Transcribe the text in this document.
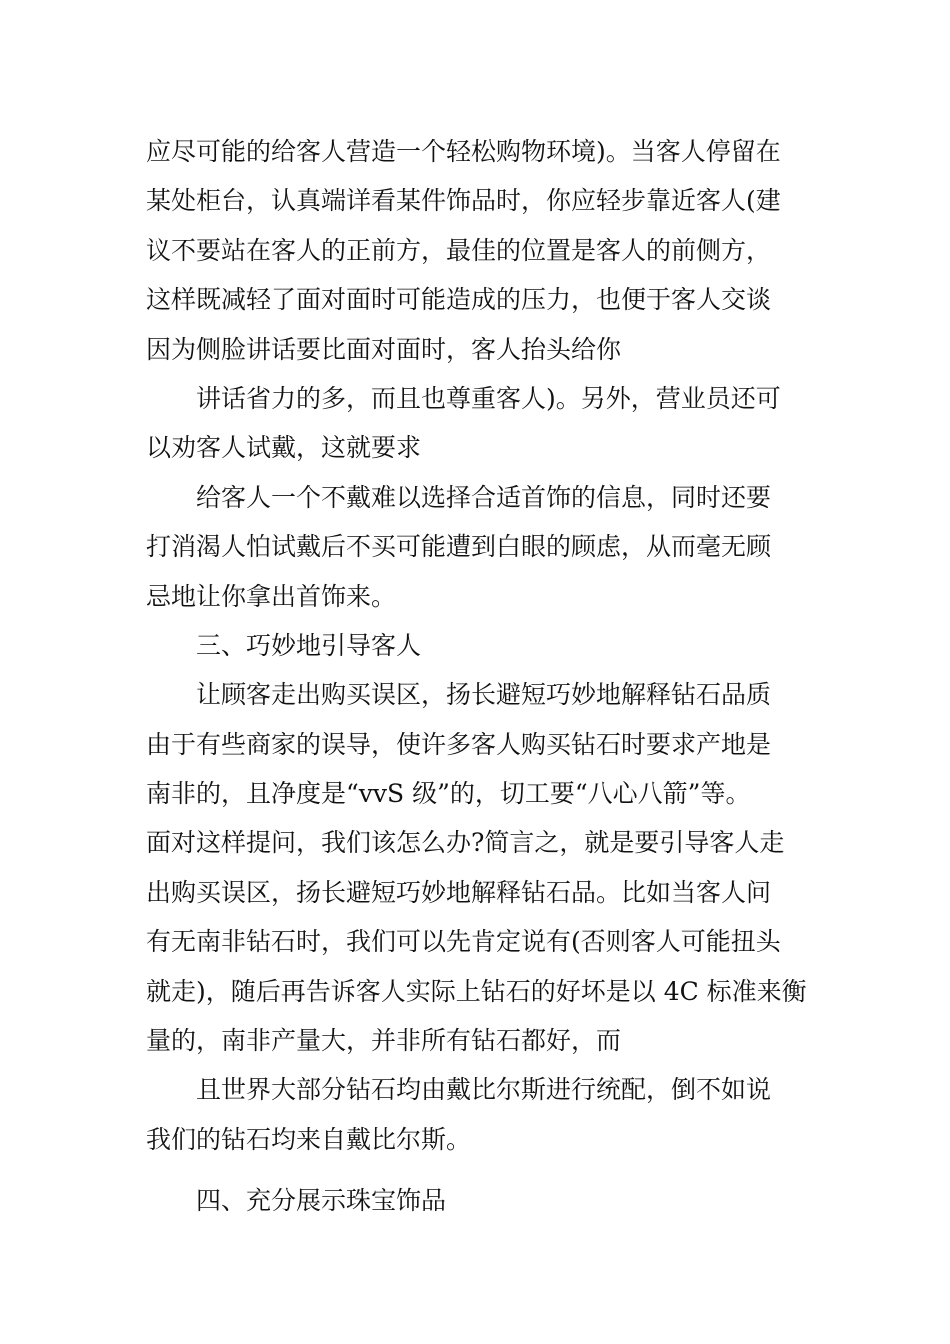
应尽可能的给客人营造一个轻松购物环境)。当客人停留在
某处柜台，认真端详看某件饰品时，你应轻步靠近客人(建
议不要站在客人的正前方，最佳的位置是客人的前侧方，
这样既减轻了面对面时可能造成的压力，也便于客人交谈
因为侧脸讲话要比面对面时，客人抬头给你
讲话省力的多，而且也尊重客人)。另外，营业员还可
以劝客人试戴，这就要求
给客人一个不戴难以选择合适首饰的信息，同时还要
打消渴人怕试戴后不买可能遭到白眼的顾虑，从而毫无顾
忌地让你拿出首饰来。
三、巧妙地引导客人
让顾客走出购买误区，扬长避短巧妙地解释钻石品质
由于有些商家的误导，使许多客人购买钻石时要求产地是
南非的，且净度是“vvS 级”的，切工要“八心八箭”等。
面对这样提问，我们该怎么办?简言之，就是要引导客人走
出购买误区，扬长避短巧妙地解释钻石品。比如当客人问
有无南非钻石时，我们可以先肯定说有(否则客人可能扭头
就走)，随后再告诉客人实际上钻石的好坏是以 4C 标准来衡
量的，南非产量大，并非所有钻石都好，而
且世界大部分钻石均由戴比尔斯进行统配，倒不如说
我们的钻石均来自戴比尔斯。
四、充分展示珠宝饰品
